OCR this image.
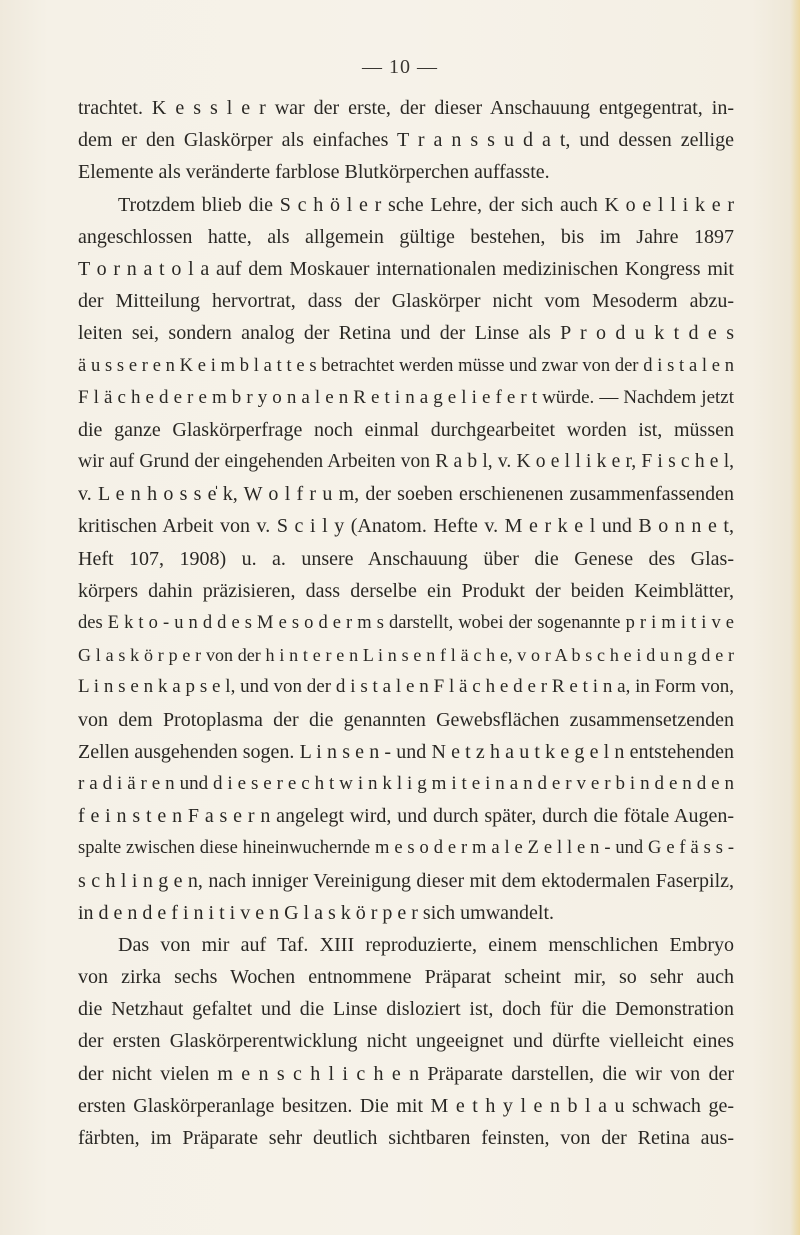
— 10 —
trachtet. K e s s l e r war der erste, der dieser Anschauung entgegentrat, in-
dem er den Glaskörper als einfaches T r a n s s u d a t, und dessen zellige
Elemente als veränderte farblose Blutkörperchen auffasste.
Trotzdem blieb die S c h ö l e r sche Lehre, der sich auch K o e l l i k e r
angeschlossen hatte, als allgemein gültige bestehen, bis im Jahre 1897
T o r n a t o l a auf dem Moskauer internationalen medizinischen Kongress mit
der Mitteilung hervortrat, dass der Glaskörper nicht vom Mesoderm abzu-
leiten sei, sondern analog der Retina und der Linse als P r o d u k t d e s
ä u s s e r e n K e i m b l a t t e s betrachtet werden müsse und zwar von der d i s t a l e n
F l ä c h e d e r e m b r y o n a l e n R e t i n a g e l i e f e r t würde. — Nachdem jetzt
die ganze Glaskörperfrage noch einmal durchgearbeitet worden ist, müssen
wir auf Grund der eingehenden Arbeiten von R a b l, v. K o e l l i k e r, F i s c h e l,
v. L e n h o s s e̍ k, W o l f r u m, der soeben erschienenen zusammenfassenden
kritischen Arbeit von v. S c i l y (Anatom. Hefte v. M e r k e l und B o n n e t,
Heft 107, 1908) u. a. unsere Anschauung über die Genese des Glas-
körpers dahin präzisieren, dass derselbe ein Produkt der beiden Keimblätter,
des E k t o - u n d d e s M e s o d e r m s darstellt, wobei der sogenannte p r i m i t i v e
G l a s k ö r p e r von der h i n t e r e n L i n s e n f l ä c h e, v o r A b s c h e i d u n g d e r
L i n s e n k a p s e l, und von der d i s t a l e n F l ä c h e d e r R e t i n a, in Form von,
von dem Protoplasma der die genannten Gewebsflächen zusammensetzenden
Zellen ausgehenden sogen. L i n s e n - und N e t z h a u t k e g e l n entstehenden
r a d i ä r e n und d i e s e r e c h t w i n k l i g m i t e i n a n d e r v e r b i n d e n d e n
f e i n s t e n F a s e r n angelegt wird, und durch später, durch die fötale Augen-
spalte zwischen diese hineinwuchernde m e s o d e r m a l e Z e l l e n - und G e f ä s s -
s c h l i n g e n, nach inniger Vereinigung dieser mit dem ektodermalen Faserpilz,
in d e n d e f i n i t i v e n G l a s k ö r p e r sich umwandelt.
Das von mir auf Taf. XIII reproduzierte, einem menschlichen Embryo
von zirka sechs Wochen entnommene Präparat scheint mir, so sehr auch
die Netzhaut gefaltet und die Linse disloziert ist, doch für die Demonstration
der ersten Glaskörperentwicklung nicht ungeeignet und dürfte vielleicht eines
der nicht vielen m e n s c h l i c h e n Präparate darstellen, die wir von der
ersten Glaskörperanlage besitzen. Die mit M e t h y l e n b l a u schwach ge-
färbten, im Präparate sehr deutlich sichtbaren feinsten, von der Retina aus-
